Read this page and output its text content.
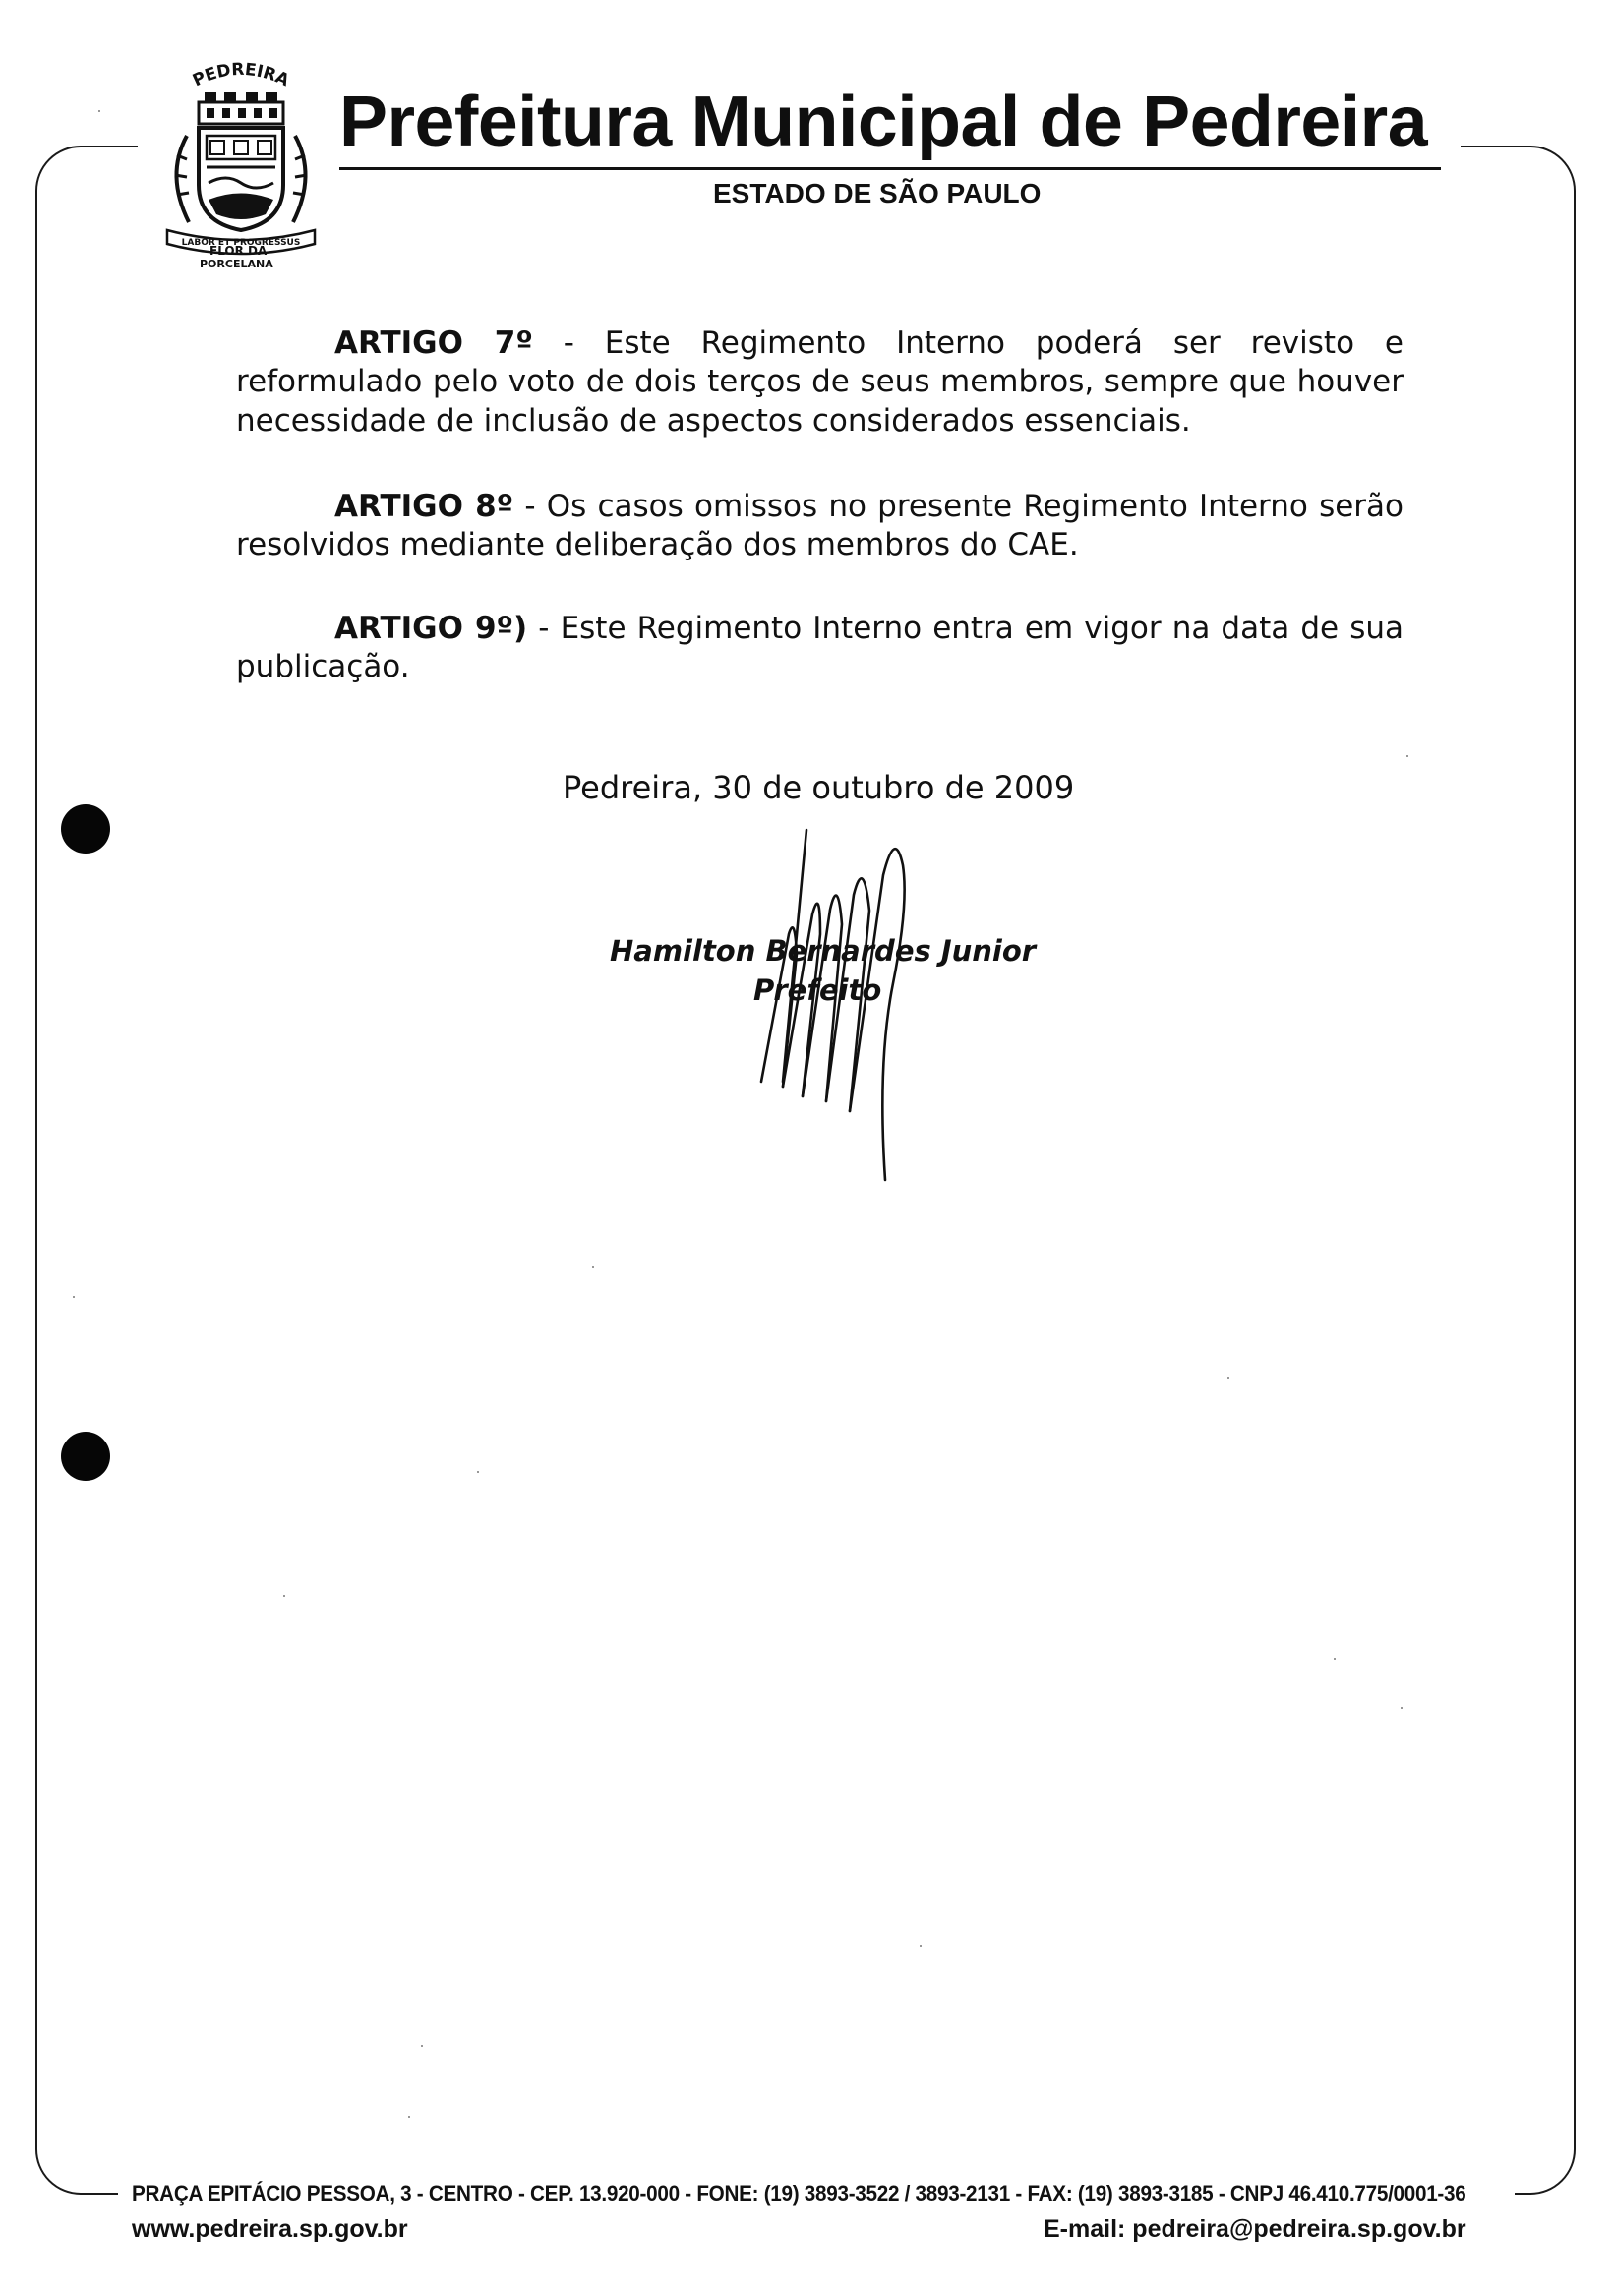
PEDREIRA
LABOR ET PROGRESSUS
FLOR DA
PORCELANA
Prefeitura Municipal de Pedreira
ESTADO DE SÃO PAULO

ARTIGO 7º - Este Regimento Interno poderá ser revisto e reformulado pelo voto de dois terços de seus membros, sempre que houver necessidade de inclusão de aspectos considerados essenciais.

ARTIGO 8º - Os casos omissos no presente Regimento Interno serão resolvidos mediante deliberação dos membros do CAE.

ARTIGO 9º) - Este Regimento Interno entra em vigor na data de sua publicação.

Pedreira, 30 de outubro de 2009
Hamilton Bernardes Junior
Prefeito
PRAÇA EPITÁCIO PESSOA, 3 - CENTRO - CEP. 13.920-000 - FONE: (19) 3893-3522 / 3893-2131 - FAX: (19) 3893-3185 - CNPJ 46.410.775/0001-36
www.pedreira.sp.gov.br	E-mail: pedreira@pedreira.sp.gov.br
